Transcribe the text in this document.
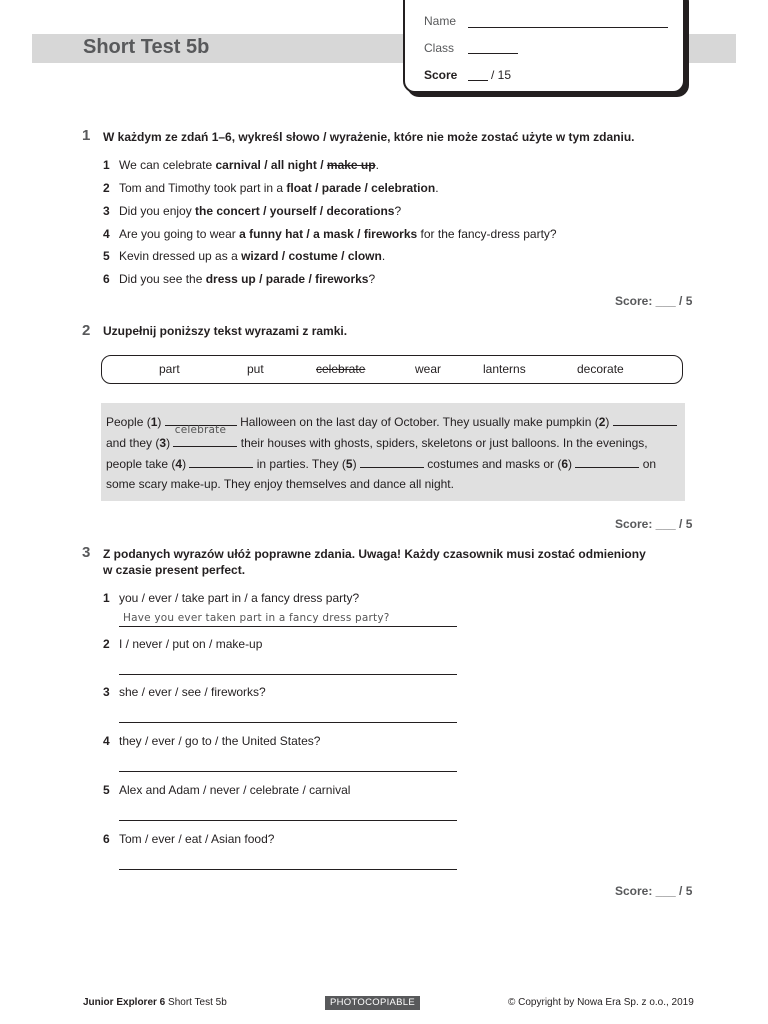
Short Test 5b
Name
Class
Score	/ 15
1 W każdym ze zdań 1–6, wykreśl słowo / wyrażenie, które nie może zostać użyte w tym zdaniu.
1 We can celebrate carnival / all night / make up.
2 Tom and Timothy took part in a float / parade / celebration.
3 Did you enjoy the concert / yourself / decorations?
4 Are you going to wear a funny hat / a mask / fireworks for the fancy-dress party?
5 Kevin dressed up as a wizard / costume / clown.
6 Did you see the dress up / parade / fireworks?
Score: ___ / 5
2 Uzupełnij poniższy tekst wyrazami z ramki.
part	put	celebrate	wear	lanterns	decorate
People (1)
celebrate
Halloween on the last day of October. They usually make pumpkin (2)
and they (3)	their houses with ghosts, spiders, skeletons or just balloons. In the evenings,
people take (4)	in parties. They (5)	costumes and masks or (6)	on
some scary make-up. They enjoy themselves and dance all night.
Score: ___ / 5
3 Z podanych wyrazów ułóż poprawne zdania. Uwaga! Każdy czasownik musi zostać odmieniony
w czasie present perfect.
1 you / ever / take part in / a fancy dress party?
Have you ever taken part in a fancy dress party?
2 I / never / put on / make-up
3 she / ever / see / fireworks?
4 they / ever / go to / the United States?
5 Alex and Adam / never / celebrate / carnival
6 Tom / ever / eat / Asian food?
Score: ___ / 5
Junior Explorer 6 Short Test 5b	PHOTOCOPIABLE	© Copyright by Nowa Era Sp. z o.o., 2019
